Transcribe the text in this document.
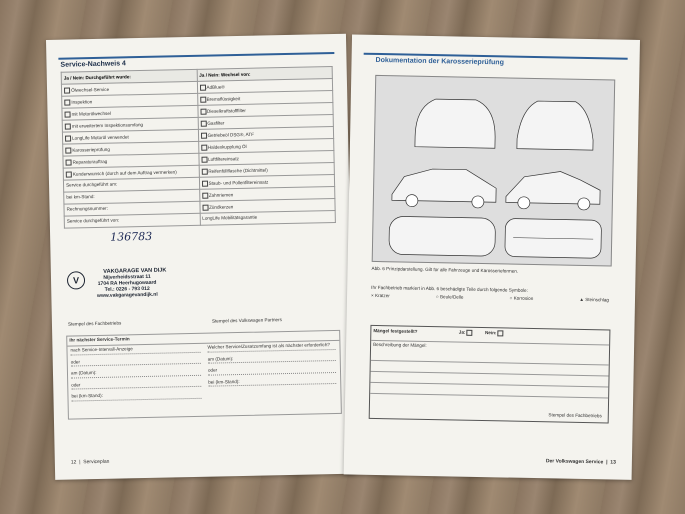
Service-Nachweis 4
Ja / Nein: Durchgeführt wurde:	Ja / Nein: Wechsel von:
Ölwechsel-Service	AdBlue®
Inspektion	Bremsflüssigkeit
mit Motorölwechsel	Dieselkraftstofffilter
mit erweitertem Inspektionsumfang	Gasfilter
LongLife Motoröl verwendet	Getriebeöl DSG®, ATF
Karosserieprüfung	Haldexkupplung Öl
Reparaturauftrag	Luftfiltereinsatz
Kundenwunsch (durch auf dem Auftrag vermerken)	Reifenfüllflasche (Dichtmittel)
Service durchgeführt am:	Staub- und Pollenfiltereinsatz
bei km-Stand:	Zahnriemen
Rechnungsnummer:	Zündkerzen
Service durchgeführt von:	LongLife Mobilitätsgarantie
136783
V
VAKGARAGE VAN DIJK
Nijverheidsstraat 11
1704 RA Heerhugowaard
Tel.: 0226 - 793 012
www.vakgaragevandijk.nl
Stempel des Fachbetriebs	Stempel des Volkswagen Partners
Ihr nächster Service-Termin
nach Service-Intervall-Anzeige
oder
am (Datum):
oder
bei (km-Stand):
Welcher Service/Zusatzumfang ist als nächster erforderlich?
am (Datum):
oder
bei (km-Stand):
12  |  Serviceplan
Dokumentation der Karosserieprüfung
Abb. 6 Prinzipdarstellung. Gilt für alle Fahrzeuge und Karosserieformen.
Ihr Fachbetrieb markiert in Abb. 6 beschädigte Teile durch folgende Symbole:
× Kratzer	○ Beule/Delle	○ Korrosion	▲ Steinschlag
Mängel festgestellt?	Ja:	Nein:
Beschreibung der Mängel:
Stempel des Fachbetriebs
Der Volkswagen Service  |  13
